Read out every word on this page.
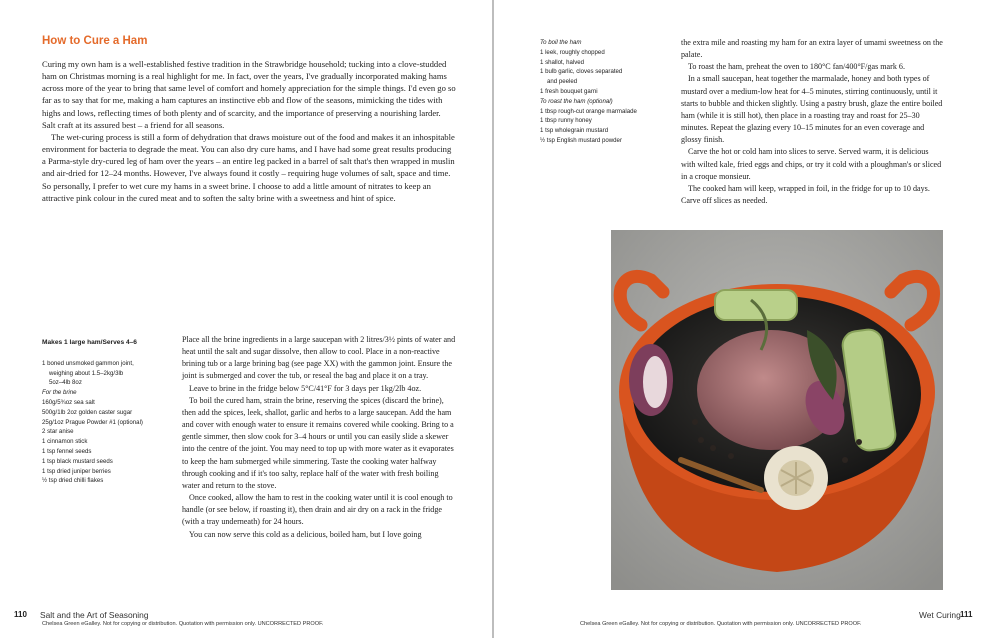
How to Cure a Ham

Curing my own ham is a well-established festive tradition in the Strawbridge household; tucking into a clove-studded ham on Christmas morning is a real highlight for me. In fact, over the years, I've gradually incorporated making hams across more of the year to bring that same level of comfort and homely appreciation for the simple things. I'd even go so far as to say that for me, making a ham captures an instinctive ebb and flow of the seasons, mimicking the tides with highs and lows, reflecting times of both plenty and of scarcity, and the importance of preserving a nourishing larder. Salt craft at its assured best – a friend for all seasons.

The wet-curing process is still a form of dehydration that draws moisture out of the food and makes it an inhospitable environment for bacteria to degrade the meat. You can also dry cure hams, and I have had some great results producing a Parma-style dry-cured leg of ham over the years – an entire leg packed in a barrel of salt that's then wrapped in muslin and air-dried for 12–24 months. However, I've always found it costly – requiring huge volumes of salt, space and time. So personally, I prefer to wet cure my hams in a sweet brine. I choose to add a little amount of nitrates to keep an attractive pink colour in the cured meat and to soften the salty brine with a sweetness and hint of spice.

Makes 1 large ham/Serves 4–6

1 boned unsmoked gammon joint,

weighing about 1.5–2kg/3lb

5oz–4lb 8oz

For the brine

160g/5¾oz sea salt

500g/1lb 2oz golden caster sugar

25g/1oz Prague Powder #1 (optional)

2 star anise

1 cinnamon stick

1 tsp fennel seeds

1 tsp black mustard seeds

1 tsp dried juniper berries

½ tsp dried chilli flakes

Place all the brine ingredients in a large saucepan with 2 litres/3½ pints of water and heat until the salt and sugar dissolve, then allow to cool. Place in a non-reactive brining tub or a large brining bag (see page XX) with the gammon joint. Ensure the joint is submerged and cover the tub, or reseal the bag and place it on a tray.

Leave to brine in the fridge below 5°C/41°F for 3 days per 1kg/2lb 4oz.

To boil the cured ham, strain the brine, reserving the spices (discard the brine), then add the spices, leek, shallot, garlic and herbs to a large saucepan. Add the ham and cover with enough water to ensure it remains covered while cooking. Bring to a gentle simmer, then slow cook for 3–4 hours or until you can easily slide a skewer into the centre of the joint. You may need to top up with more water as it evaporates to keep the ham submerged while simmering. Taste the cooking water halfway through cooking and if it's too salty, replace half of the water with fresh boiling water and return to the stove.

Once cooked, allow the ham to rest in the cooking water until it is cool enough to handle (or see below, if roasting it), then drain and air dry on a rack in the fridge (with a tray underneath) for 24 hours.

You can now serve this cold as a delicious, boiled ham, but I love going

110 Salt and the Art of Seasoning
Chelsea Green eGalley. Not for copying or distribution. Quotation with permission only. UNCORRECTED PROOF.

To boil the ham

1 leek, roughly chopped

1 shallot, halved

1 bulb garlic, cloves separated

and peeled

1 fresh bouquet garni

To roast the ham (optional)

1 tbsp rough-cut orange marmalade

1 tbsp runny honey

1 tsp wholegrain mustard

½ tsp English mustard powder

the extra mile and roasting my ham for an extra layer of umami sweetness on the palate.

To roast the ham, preheat the oven to 180°C fan/400°F/gas mark 6.

In a small saucepan, heat together the marmalade, honey and both types of mustard over a medium-low heat for 4–5 minutes, stirring continuously, until it starts to bubble and thicken slightly. Using a pastry brush, glaze the entire boiled ham (while it is still hot), then place in a roasting tray and roast for 25–30 minutes. Repeat the glazing every 10–15 minutes for an even coverage and glossy finish.

Carve the hot or cold ham into slices to serve. Served warm, it is delicious with wilted kale, fried eggs and chips, or try it cold with a ploughman's or sliced in a croque monsieur.

The cooked ham will keep, wrapped in foil, in the fridge for up to 10 days. Carve off slices as needed.

Wet Curing 111
Chelsea Green eGalley. Not for copying or distribution. Quotation with permission only. UNCORRECTED PROOF.
